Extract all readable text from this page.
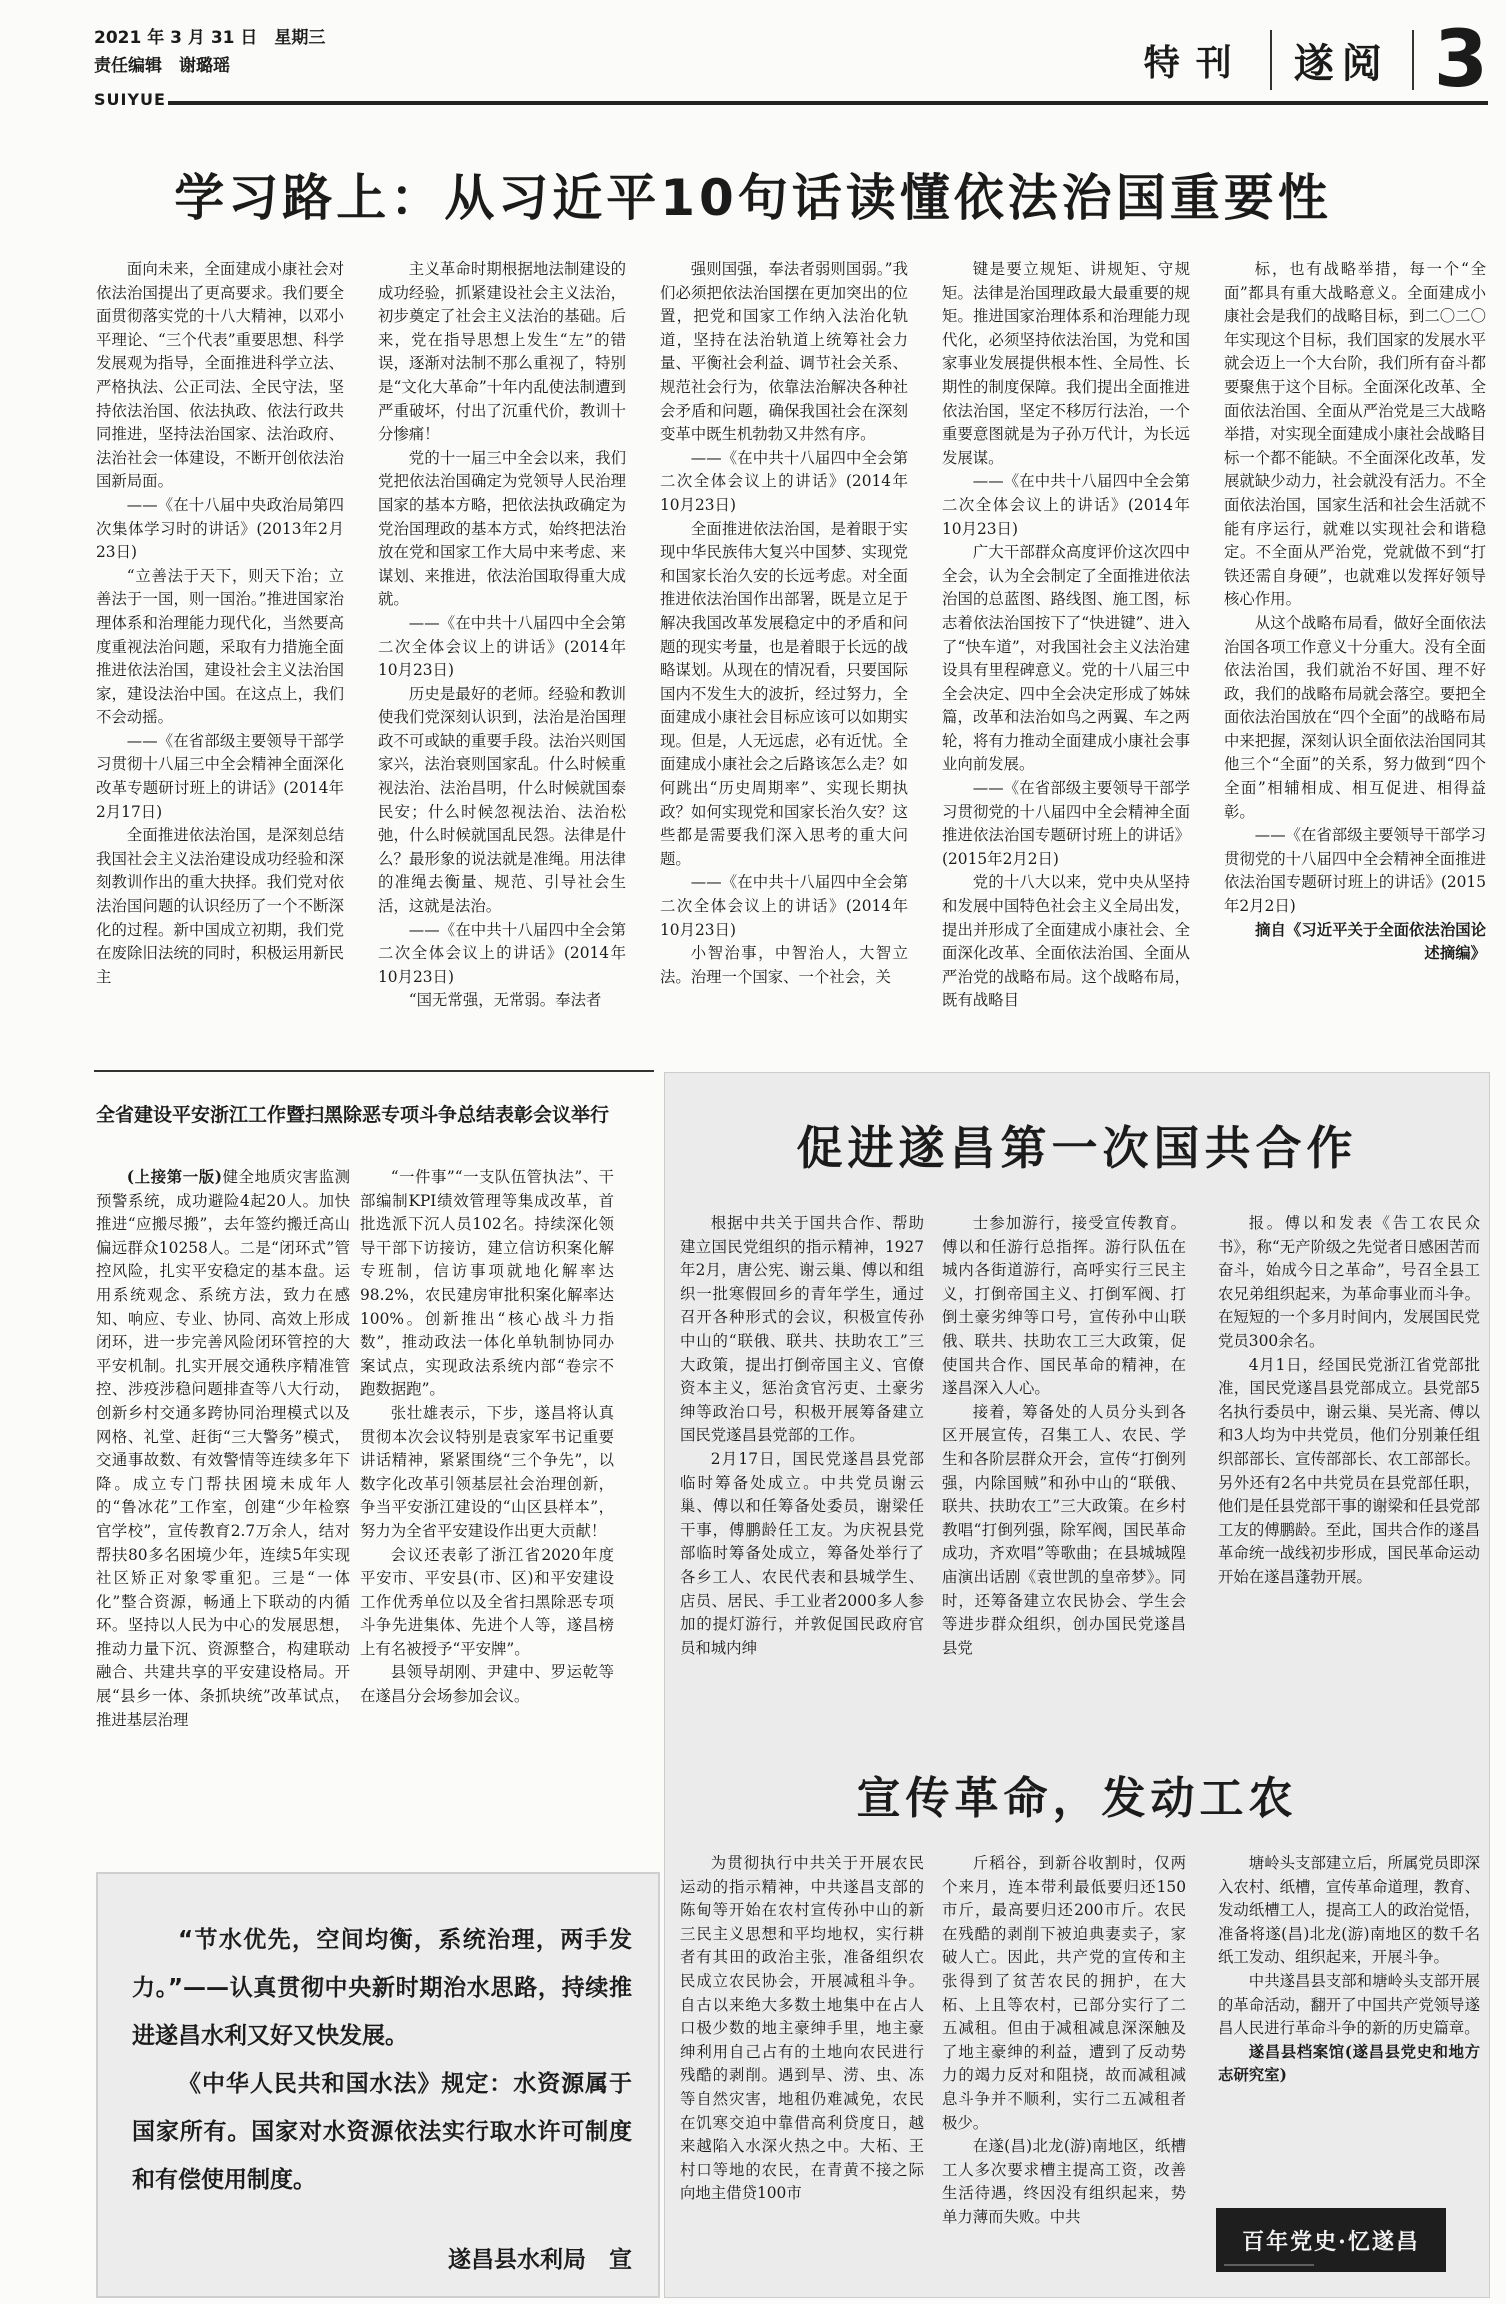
2021 年 3 月 31 日　星期三
责任编辑　谢璐瑶
SUIYUE
特刊	遂阅 3
学习路上：从习近平10句话读懂依法治国重要性

面向未来，全面建成小康社会对依法治国提出了更高要求。我们要全面贯彻落实党的十八大精神，以邓小平理论、“三个代表”重要思想、科学发展观为指导，全面推进科学立法、严格执法、公正司法、全民守法，坚持依法治国、依法执政、依法行政共同推进，坚持法治国家、法治政府、法治社会一体建设，不断开创依法治国新局面。

——《在十八届中央政治局第四次集体学习时的讲话》(2013年2月23日)

“立善法于天下，则天下治；立善法于一国，则一国治。”推进国家治理体系和治理能力现代化，当然要高度重视法治问题，采取有力措施全面推进依法治国，建设社会主义法治国家，建设法治中国。在这点上，我们不会动摇。

——《在省部级主要领导干部学习贯彻十八届三中全会精神全面深化改革专题研讨班上的讲话》(2014年2月17日)

全面推进依法治国，是深刻总结我国社会主义法治建设成功经验和深刻教训作出的重大抉择。我们党对依法治国问题的认识经历了一个不断深化的过程。新中国成立初期，我们党在废除旧法统的同时，积极运用新民主

主义革命时期根据地法制建设的成功经验，抓紧建设社会主义法治，初步奠定了社会主义法治的基础。后来，党在指导思想上发生“左”的错误，逐渐对法制不那么重视了，特别是“文化大革命”十年内乱使法制遭到严重破坏，付出了沉重代价，教训十分惨痛！

党的十一届三中全会以来，我们党把依法治国确定为党领导人民治理国家的基本方略，把依法执政确定为党治国理政的基本方式，始终把法治放在党和国家工作大局中来考虑、来谋划、来推进，依法治国取得重大成就。

——《在中共十八届四中全会第二次全体会议上的讲话》(2014年10月23日)

历史是最好的老师。经验和教训使我们党深刻认识到，法治是治国理政不可或缺的重要手段。法治兴则国家兴，法治衰则国家乱。什么时候重视法治、法治昌明，什么时候就国泰民安；什么时候忽视法治、法治松弛，什么时候就国乱民怨。法律是什么？最形象的说法就是准绳。用法律的准绳去衡量、规范、引导社会生活，这就是法治。

——《在中共十八届四中全会第二次全体会议上的讲话》(2014年10月23日)

“国无常强，无常弱。奉法者

强则国强，奉法者弱则国弱。”我们必须把依法治国摆在更加突出的位置，把党和国家工作纳入法治化轨道，坚持在法治轨道上统筹社会力量、平衡社会利益、调节社会关系、规范社会行为，依靠法治解决各种社会矛盾和问题，确保我国社会在深刻变革中既生机勃勃又井然有序。

——《在中共十八届四中全会第二次全体会议上的讲话》(2014年10月23日)

全面推进依法治国，是着眼于实现中华民族伟大复兴中国梦、实现党和国家长治久安的长远考虑。对全面推进依法治国作出部署，既是立足于解决我国改革发展稳定中的矛盾和问题的现实考量，也是着眼于长远的战略谋划。从现在的情况看，只要国际国内不发生大的波折，经过努力，全面建成小康社会目标应该可以如期实现。但是，人无远虑，必有近忧。全面建成小康社会之后路该怎么走？如何跳出“历史周期率”、实现长期执政？如何实现党和国家长治久安？这些都是需要我们深入思考的重大问题。

——《在中共十八届四中全会第二次全体会议上的讲话》(2014年10月23日)

小智治事，中智治人，大智立法。治理一个国家、一个社会，关

键是要立规矩、讲规矩、守规矩。法律是治国理政最大最重要的规矩。推进国家治理体系和治理能力现代化，必须坚持依法治国，为党和国家事业发展提供根本性、全局性、长期性的制度保障。我们提出全面推进依法治国，坚定不移厉行法治，一个重要意图就是为子孙万代计，为长远发展谋。

——《在中共十八届四中全会第二次全体会议上的讲话》(2014年10月23日)

广大干部群众高度评价这次四中全会，认为全会制定了全面推进依法治国的总蓝图、路线图、施工图，标志着依法治国按下了“快进键”、进入了“快车道”，对我国社会主义法治建设具有里程碑意义。党的十八届三中全会决定、四中全会决定形成了姊妹篇，改革和法治如鸟之两翼、车之两轮，将有力推动全面建成小康社会事业向前发展。

——《在省部级主要领导干部学习贯彻党的十八届四中全会精神全面推进依法治国专题研讨班上的讲话》(2015年2月2日)

党的十八大以来，党中央从坚持和发展中国特色社会主义全局出发，提出并形成了全面建成小康社会、全面深化改革、全面依法治国、全面从严治党的战略布局。这个战略布局，既有战略目

标，也有战略举措，每一个“全面”都具有重大战略意义。全面建成小康社会是我们的战略目标，到二〇二〇年实现这个目标，我们国家的发展水平就会迈上一个大台阶，我们所有奋斗都要聚焦于这个目标。全面深化改革、全面依法治国、全面从严治党是三大战略举措，对实现全面建成小康社会战略目标一个都不能缺。不全面深化改革，发展就缺少动力，社会就没有活力。不全面依法治国，国家生活和社会生活就不能有序运行，就难以实现社会和谐稳定。不全面从严治党，党就做不到“打铁还需自身硬”，也就难以发挥好领导核心作用。

从这个战略布局看，做好全面依法治国各项工作意义十分重大。没有全面依法治国，我们就治不好国、理不好政，我们的战略布局就会落空。要把全面依法治国放在“四个全面”的战略布局中来把握，深刻认识全面依法治国同其他三个“全面”的关系，努力做到“四个全面”相辅相成、相互促进、相得益彰。

——《在省部级主要领导干部学习贯彻党的十八届四中全会精神全面推进依法治国专题研讨班上的讲话》(2015年2月2日)

摘自《习近平关于全面依法治国论述摘编》

全省建设平安浙江工作暨扫黑除恶专项斗争总结表彰会议举行

(上接第一版)健全地质灾害监测预警系统，成功避险4起20人。加快推进“应搬尽搬”，去年签约搬迁高山偏远群众10258人。二是“闭环式”管控风险，扎实平安稳定的基本盘。运用系统观念、系统方法，致力在感知、响应、专业、协同、高效上形成闭环，进一步完善风险闭环管控的大平安机制。扎实开展交通秩序精准管控、涉疫涉稳问题排查等八大行动，创新乡村交通多跨协同治理模式以及网格、礼堂、赶街“三大警务”模式，交通事故数、有效警情等连续多年下降。成立专门帮扶困境未成年人的“鲁冰花”工作室，创建“少年检察官学校”，宣传教育2.7万余人，结对帮扶80多名困境少年，连续5年实现社区矫正对象零重犯。三是“一体化”整合资源，畅通上下联动的内循环。坚持以人民为中心的发展思想，推动力量下沉、资源整合，构建联动融合、共建共享的平安建设格局。开展“县乡一体、条抓块统”改革试点，推进基层治理

“一件事”“一支队伍管执法”、干部编制KPI绩效管理等集成改革，首批选派下沉人员102名。持续深化领导干部下访接访，建立信访积案化解专班制，信访事项就地化解率达98.2%，农民建房审批积案化解率达100%。创新推出“核心战斗力指数”，推动政法一体化单轨制协同办案试点，实现政法系统内部“卷宗不跑数据跑”。

张壮雄表示，下步，遂昌将认真贯彻本次会议特别是袁家军书记重要讲话精神，紧紧围绕“三个争先”，以数字化改革引领基层社会治理创新，争当平安浙江建设的“山区县样本”，努力为全省平安建设作出更大贡献！

会议还表彰了浙江省2020年度平安市、平安县(市、区)和平安建设工作优秀单位以及全省扫黑除恶专项斗争先进集体、先进个人等，遂昌榜上有名被授予“平安牌”。

县领导胡刚、尹建中、罗运乾等在遂昌分会场参加会议。

“节水优先，空间均衡，系统治理，两手发力。”——认真贯彻中央新时期治水思路，持续推进遂昌水利又好又快发展。

《中华人民共和国水法》规定：水资源属于国家所有。国家对水资源依法实行取水许可制度和有偿使用制度。

遂昌县水利局　宣
促进遂昌第一次国共合作

根据中共关于国共合作、帮助建立国民党组织的指示精神，1927年2月，唐公宪、谢云巢、傅以和组织一批寒假回乡的青年学生，通过召开各种形式的会议，积极宣传孙中山的“联俄、联共、扶助农工”三大政策，提出打倒帝国主义、官僚资本主义，惩治贪官污吏、土豪劣绅等政治口号，积极开展筹备建立国民党遂昌县党部的工作。

2月17日，国民党遂昌县党部临时筹备处成立。中共党员谢云巢、傅以和任筹备处委员，谢梁任干事，傅鹏龄任工友。为庆祝县党部临时筹备处成立，筹备处举行了各乡工人、农民代表和县城学生、店员、居民、手工业者2000多人参加的提灯游行，并敦促国民政府官员和城内绅

士参加游行，接受宣传教育。傅以和任游行总指挥。游行队伍在城内各街道游行，高呼实行三民主义，打倒帝国主义、打倒军阀、打倒土豪劣绅等口号，宣传孙中山联俄、联共、扶助农工三大政策，促使国共合作、国民革命的精神，在遂昌深入人心。

接着，筹备处的人员分头到各区开展宣传，召集工人、农民、学生和各阶层群众开会，宣传“打倒列强，内除国贼”和孙中山的“联俄、联共、扶助农工”三大政策。在乡村教唱“打倒列强，除军阀，国民革命成功，齐欢唱”等歌曲；在县城城隍庙演出话剧《袁世凯的皇帝梦》。同时，还筹备建立农民协会、学生会等进步群众组织，创办国民党遂昌县党

报。傅以和发表《告工农民众书》，称“无产阶级之先觉者日感困苦而奋斗，始成今日之革命”，号召全县工农兄弟组织起来，为革命事业而斗争。在短短的一个多月时间内，发展国民党党员300余名。

4月1日，经国民党浙江省党部批准，国民党遂昌县党部成立。县党部5名执行委员中，谢云巢、吴光斋、傅以和3人均为中共党员，他们分别兼任组织部部长、宣传部部长、农工部部长。另外还有2名中共党员在县党部任职，他们是任县党部干事的谢梁和任县党部工友的傅鹏龄。至此，国共合作的遂昌革命统一战线初步形成，国民革命运动开始在遂昌蓬勃开展。

宣传革命，发动工农

为贯彻执行中共关于开展农民运动的指示精神，中共遂昌支部的陈甸等开始在农村宣传孙中山的新三民主义思想和平均地权，实行耕者有其田的政治主张，准备组织农民成立农民协会，开展减租斗争。自古以来绝大多数土地集中在占人口极少数的地主豪绅手里，地主豪绅利用自己占有的土地向农民进行残酷的剥削。遇到旱、涝、虫、冻等自然灾害，地租仍难减免，农民在饥寒交迫中靠借高利贷度日，越来越陷入水深火热之中。大柘、王村口等地的农民，在青黄不接之际向地主借贷100市

斤稻谷，到新谷收割时，仅两个来月，连本带利最低要归还150市斤，最高要归还200市斤。农民在残酷的剥削下被迫典妻卖子，家破人亡。因此，共产党的宣传和主张得到了贫苦农民的拥护，在大柘、上且等农村，已部分实行了二五减租。但由于减租减息深深触及了地主豪绅的利益，遭到了反动势力的竭力反对和阻挠，故而减租减息斗争并不顺利，实行二五减租者极少。

在遂(昌)北龙(游)南地区，纸槽工人多次要求槽主提高工资，改善生活待遇，终因没有组织起来，势单力薄而失败。中共

塘岭头支部建立后，所属党员即深入农村、纸槽，宣传革命道理，教育、发动纸槽工人，提高工人的政治觉悟，准备将遂(昌)北龙(游)南地区的数千名纸工发动、组织起来，开展斗争。

中共遂昌县支部和塘岭头支部开展的革命活动，翻开了中国共产党领导遂昌人民进行革命斗争的新的历史篇章。

遂昌县档案馆(遂昌县党史和地方志研究室)

百年党史·忆遂昌
